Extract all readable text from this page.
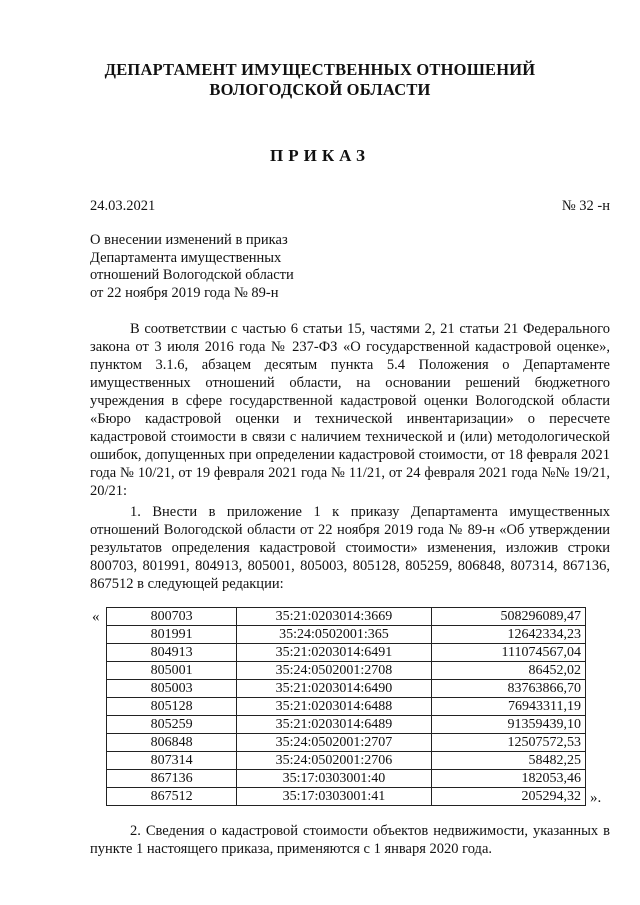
ДЕПАРТАМЕНТ ИМУЩЕСТВЕННЫХ ОТНОШЕНИЙ
ВОЛОГОДСКОЙ ОБЛАСТИ
ПРИКАЗ
24.03.2021	№ 32 -н
О внесении изменений в приказ
Департамента имущественных
отношений Вологодской области
от 22 ноября 2019 года № 89-н
В соответствии с частью 6 статьи 15, частями 2, 21 статьи 21 Федерального закона от 3 июля 2016 года № 237-ФЗ «О государственной кадастровой оценке», пунктом 3.1.6, абзацем десятым пункта 5.4 Положения о Департаменте имущественных отношений области, на основании решений бюджетного учреждения в сфере государственной кадастровой оценки Вологодской области «Бюро кадастровой оценки и технической инвентаризации» о пересчете кадастровой стоимости в связи с наличием технической и (или) методологической ошибок, допущенных при определении кадастровой стоимости, от 18 февраля 2021 года № 10/21, от 19 февраля 2021 года № 11/21, от 24 февраля 2021 года №№ 19/21, 20/21:
1. Внести в приложение 1 к приказу Департамента имущественных отношений Вологодской области от 22 ноября 2019 года № 89-н «Об утверждении результатов определения кадастровой стоимости» изменения, изложив строки 800703, 801991, 804913, 805001, 805003, 805128, 805259, 806848, 807314, 867136, 867512 в следующей редакции:
«	800703	35:21:0203014:3669	508296089,47
801991	35:24:0502001:365	12642334,23
804913	35:21:0203014:6491	111074567,04
805001	35:24:0502001:2708	86452,02
805003	35:21:0203014:6490	83763866,70
805128	35:21:0203014:6488	76943311,19
805259	35:21:0203014:6489	91359439,10
806848	35:24:0502001:2707	12507572,53
807314	35:24:0502001:2706	58482,25
867136	35:17:0303001:40	182053,46
867512	35:17:0303001:41	205294,32 ».
2. Сведения о кадастровой стоимости объектов недвижимости, указанных в пункте 1 настоящего приказа, применяются с 1 января 2020 года.
